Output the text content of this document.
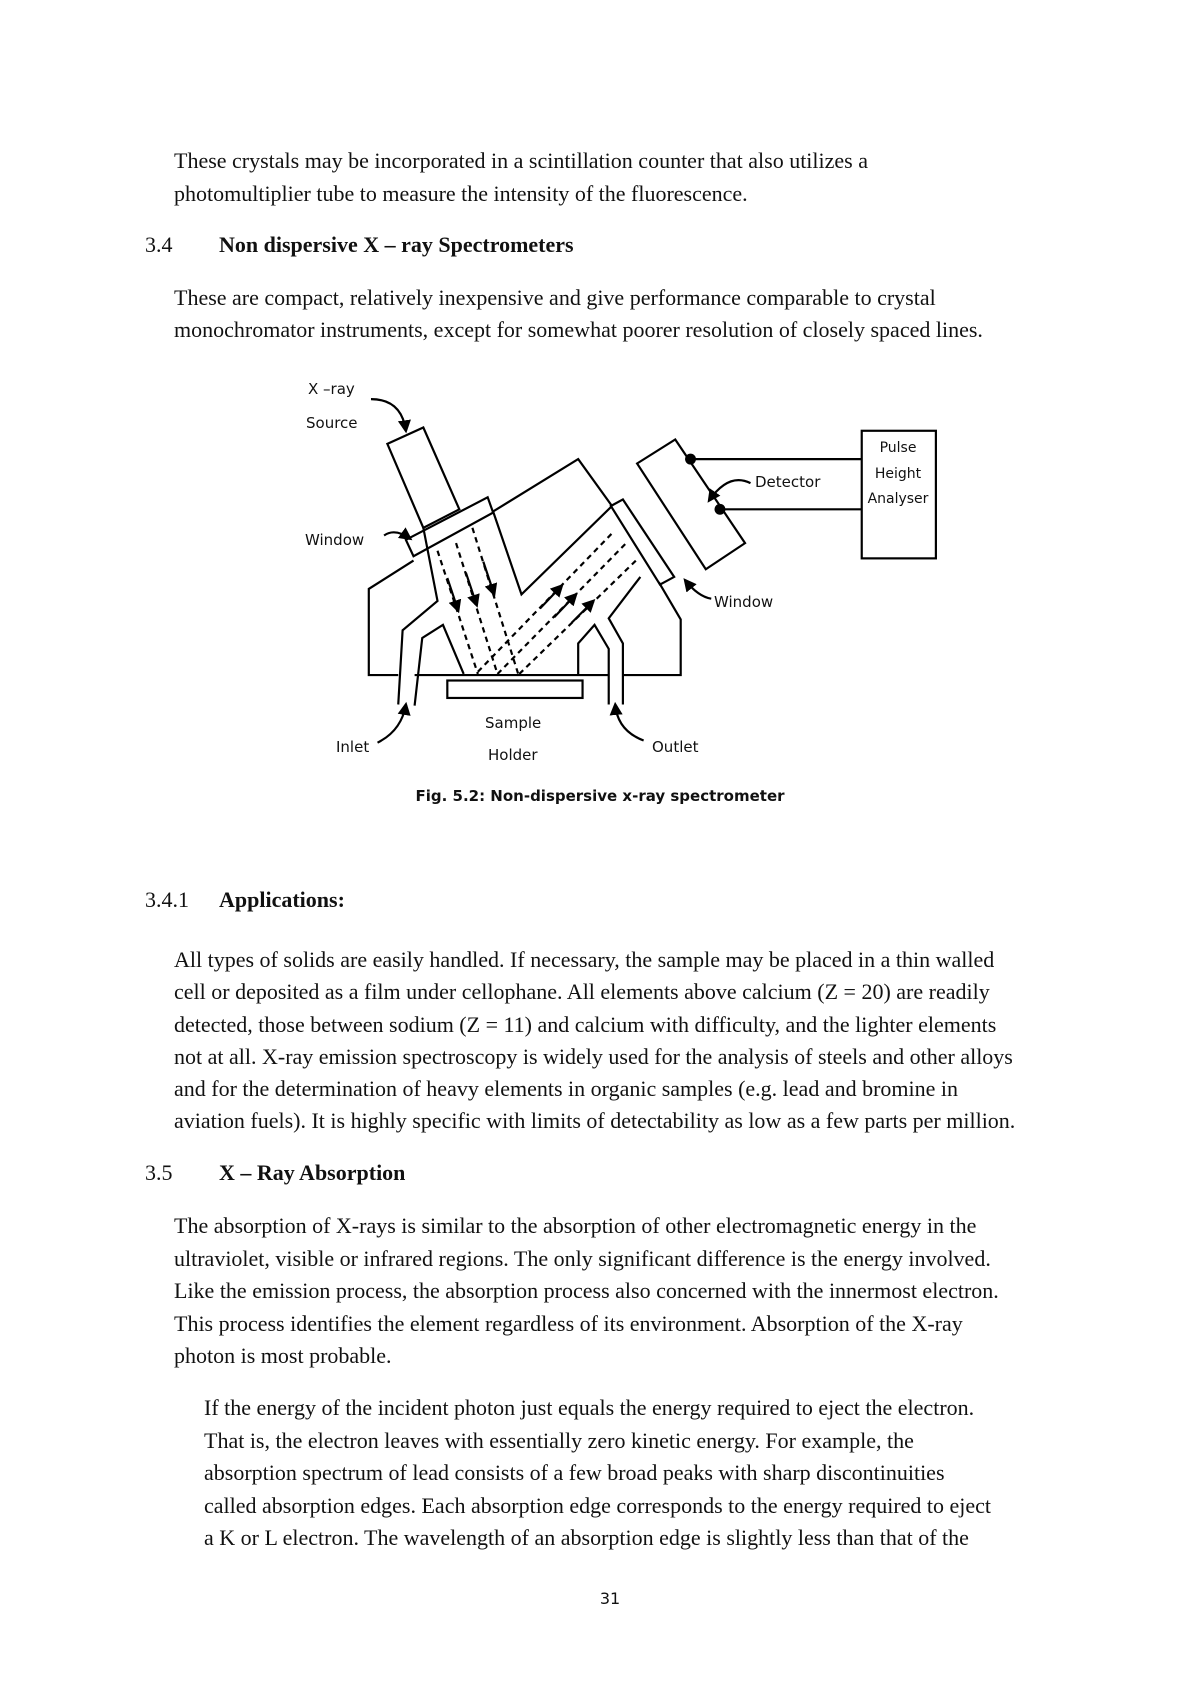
These crystals may be incorporated in a scintillation counter that also utilizes a
photomultiplier tube to measure the intensity of the fluorescence.
3.4 Non dispersive X – ray Spectrometers
These are compact, relatively inexpensive and give performance comparable to crystal
monochromator instruments, except for somewhat poorer resolution of closely spaced lines.
X –ray
Source
Window
Detector
Pulse
Height
Analyser
Window
Inlet
Sample
Holder	Outlet
Fig. 5.2: Non-dispersive x-ray spectrometer
3.4.1 Applications:
All types of solids are easily handled. If necessary, the sample may be placed in a thin walled
cell or deposited as a film under cellophane. All elements above calcium (Z = 20) are readily
detected, those between sodium (Z = 11) and calcium with difficulty, and the lighter elements
not at all. X-ray emission spectroscopy is widely used for the analysis of steels and other alloys
and for the determination of heavy elements in organic samples (e.g. lead and bromine in
aviation fuels). It is highly specific with limits of detectability as low as a few parts per million.
3.5 X – Ray Absorption
The absorption of X-rays is similar to the absorption of other electromagnetic energy in the
ultraviolet, visible or infrared regions. The only significant difference is the energy involved.
Like the emission process, the absorption process also concerned with the innermost electron.
This process identifies the element regardless of its environment. Absorption of the X-ray
photon is most probable.
If the energy of the incident photon just equals the energy required to eject the electron.
That is, the electron leaves with essentially zero kinetic energy. For example, the
absorption spectrum of lead consists of a few broad peaks with sharp discontinuities
called absorption edges. Each absorption edge corresponds to the energy required to eject
a K or L electron. The wavelength of an absorption edge is slightly less than that of the
31
